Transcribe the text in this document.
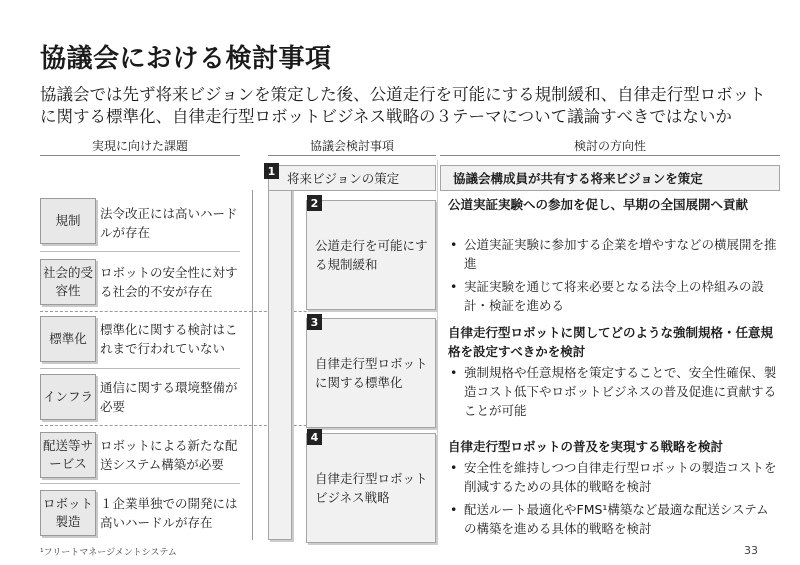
協議会における検討事項
協議会では先ず将来ビジョンを策定した後、公道走行を可能にする規制緩和、自律走行型ロボットに関する標準化、自律走行型ロボットビジネス戦略の３テーマについて議論すべきではないか
実現に向けた課題	協議会検討事項	検討の方向性
規制	法令改正には高いハードルが存在
社会的受容性
ロボットの安全性に対する社会的不安が存在
標準化
標準化に関する検討はこれまで行われていない
インフラ
通信に関する環境整備が必要
配送等サービス
ロボットによる新たな配送システム構築が必要
ロボット製造
１企業単独での開発には高いハードルが存在
将来ビジョンの策定
1
公道走行を可能にする規制緩和
2
自律走行型ロボットに関する標準化
3
自律走行型ロボットビジネス戦略
4
協議会構成員が共有する将来ビジョンを策定
公道実証実験への参加を促し、早期の全国展開へ貢献
• 公道実証実験に参加する企業を増やすなどの横展開を推進
• 実証実験を通じて将来必要となる法令上の枠組みの設計・検証を進める
自律走行型ロボットに関してどのような強制規格・任意規格を設定すべきかを検討
• 強制規格や任意規格を策定することで、安全性確保、製造コスト低下やロボットビジネスの普及促進に貢献することが可能
自律走行型ロボットの普及を実現する戦略を検討
• 安全性を維持しつつ自律走行型ロボットの製造コストを削減するための具体的戦略を検討
• 配送ルート最適化やFMS¹構築など最適な配送システムの構築を進める具体的戦略を検討
¹フリートマネージメントシステム	33
